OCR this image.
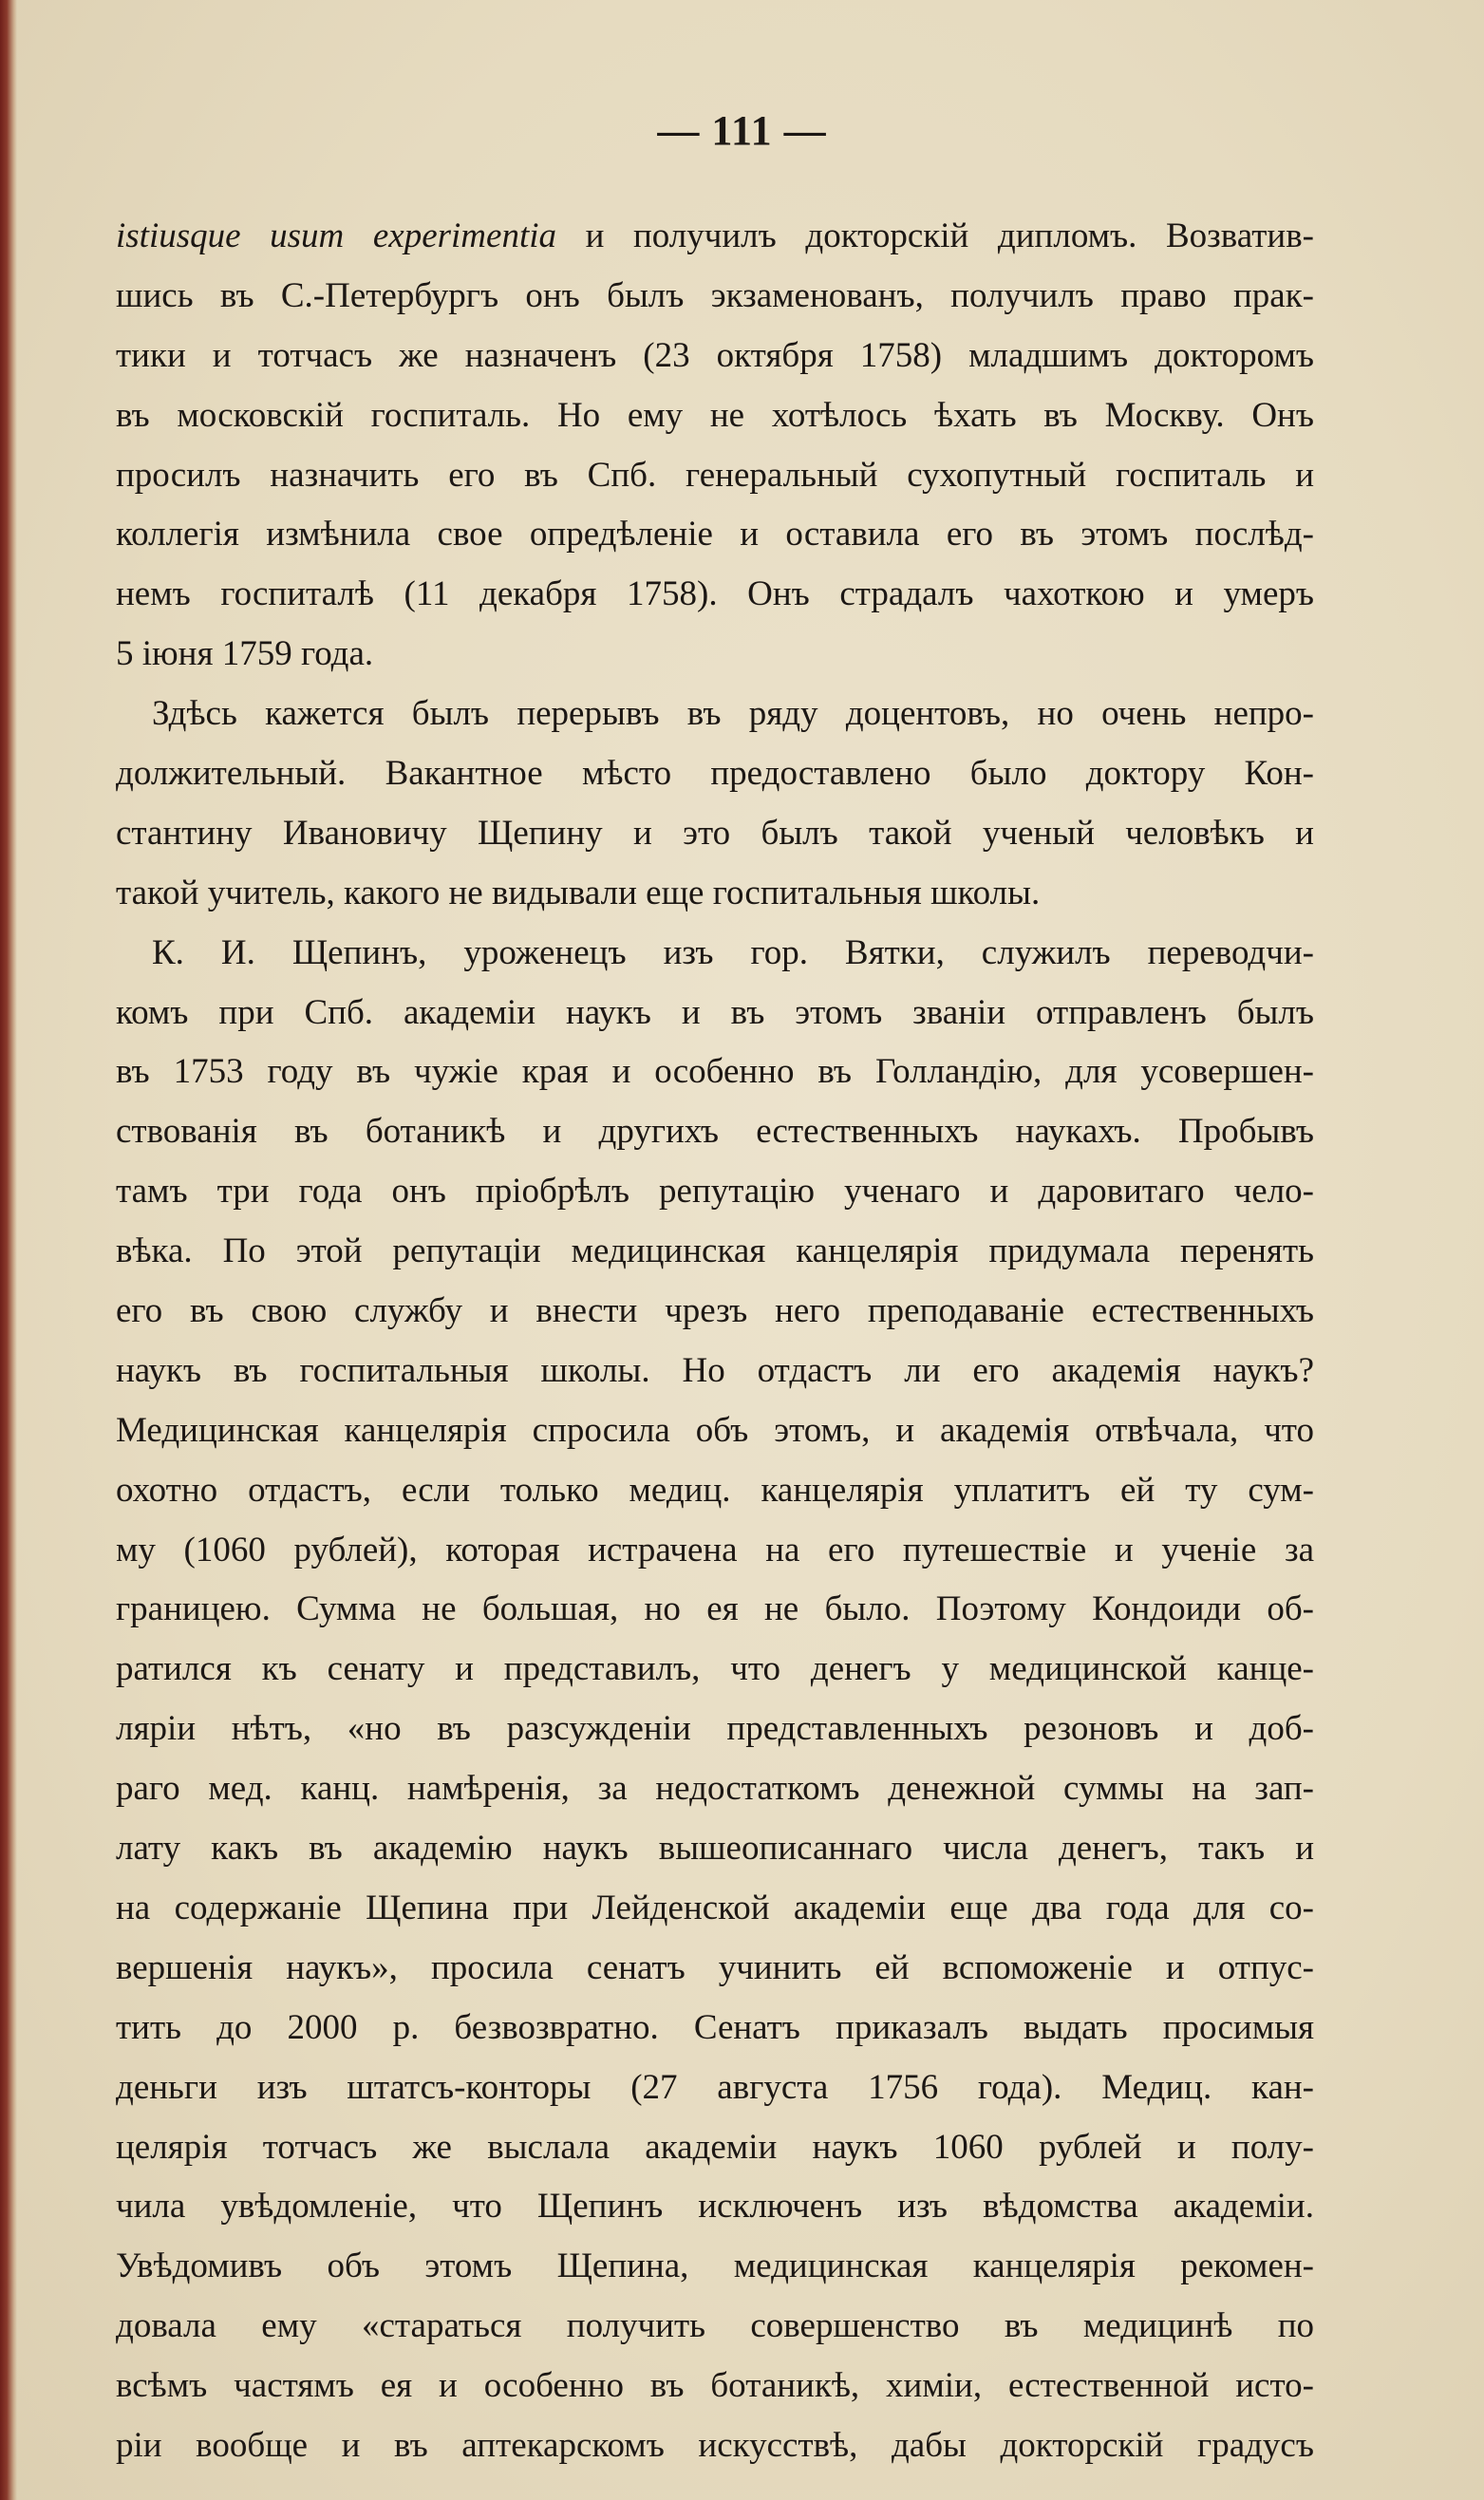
— 111 —
istiusque usum experimentia и получилъ докторскій дипломъ. Возватив-
шись въ С.-Петербургъ онъ былъ экзаменованъ, получилъ право прак-
тики и тотчасъ же назначенъ (23 октября 1758) младшимъ докторомъ
въ московскій госпиталь. Но ему не хотѣлось ѣхать въ Москву. Онъ
просилъ назначить его въ Спб. генеральный сухопутный госпиталь и
коллегія измѣнила свое опредѣленіе и оставила его въ этомъ послѣд-
немъ госпиталѣ (11 декабря 1758). Онъ страдалъ чахоткою и умеръ
5 іюня 1759 года.
Здѣсь кажется былъ перерывъ въ ряду доцентовъ, но очень непро-
должительный. Вакантное мѣсто предоставлено было доктору Кон-
стантину Ивановичу Щепину и это былъ такой ученый человѣкъ и
такой учитель, какого не видывали еще госпитальныя школы.
К. И. Щепинъ, уроженецъ изъ гор. Вятки, служилъ переводчи-
комъ при Спб. академіи наукъ и въ этомъ званіи отправленъ былъ
въ 1753 году въ чужіе края и особенно въ Голландію, для усовершен-
ствованія въ ботаникѣ и другихъ естественныхъ наукахъ. Пробывъ
тамъ три года онъ пріобрѣлъ репутацію ученаго и даровитаго чело-
вѣка. По этой репутаціи медицинская канцелярія придумала перенять
его въ свою службу и внести чрезъ него преподаваніе естественныхъ
наукъ въ госпитальныя школы. Но отдастъ ли его академія наукъ?
Медицинская канцелярія спросила объ этомъ, и академія отвѣчала, что
охотно отдастъ, если только медиц. канцелярія уплатитъ ей ту сум-
му (1060 рублей), которая истрачена на его путешествіе и ученіе за
границею. Сумма не большая, но ея не было. Поэтому Кондоиди об-
ратился къ сенату и представилъ, что денегъ у медицинской канце-
ляріи нѣтъ, «но въ разсужденіи представленныхъ резоновъ и доб-
раго мед. канц. намѣренія, за недостаткомъ денежной суммы на зап-
лату какъ въ академію наукъ вышеописаннаго числа денегъ, такъ и
на содержаніе Щепина при Лейденской академіи еще два года для со-
вершенія наукъ», просила сенатъ учинить ей вспоможеніе и отпус-
тить до 2000 р. безвозвратно. Сенатъ приказалъ выдать просимыя
деньги изъ штатсъ-конторы (27 августа 1756 года). Медиц. кан-
целярія тотчасъ же выслала академіи наукъ 1060 рублей и полу-
чила увѣдомленіе, что Щепинъ исключенъ изъ вѣдомства академіи.
Увѣдомивъ объ этомъ Щепина, медицинская канцелярія рекомен-
довала ему «стараться получить совершенство въ медицинѣ по
всѣмъ частямъ ея и особенно въ ботаникѣ, химіи, естественной исто-
ріи вообще и въ аптекарскомъ искусствѣ, дабы докторскій градусъ
